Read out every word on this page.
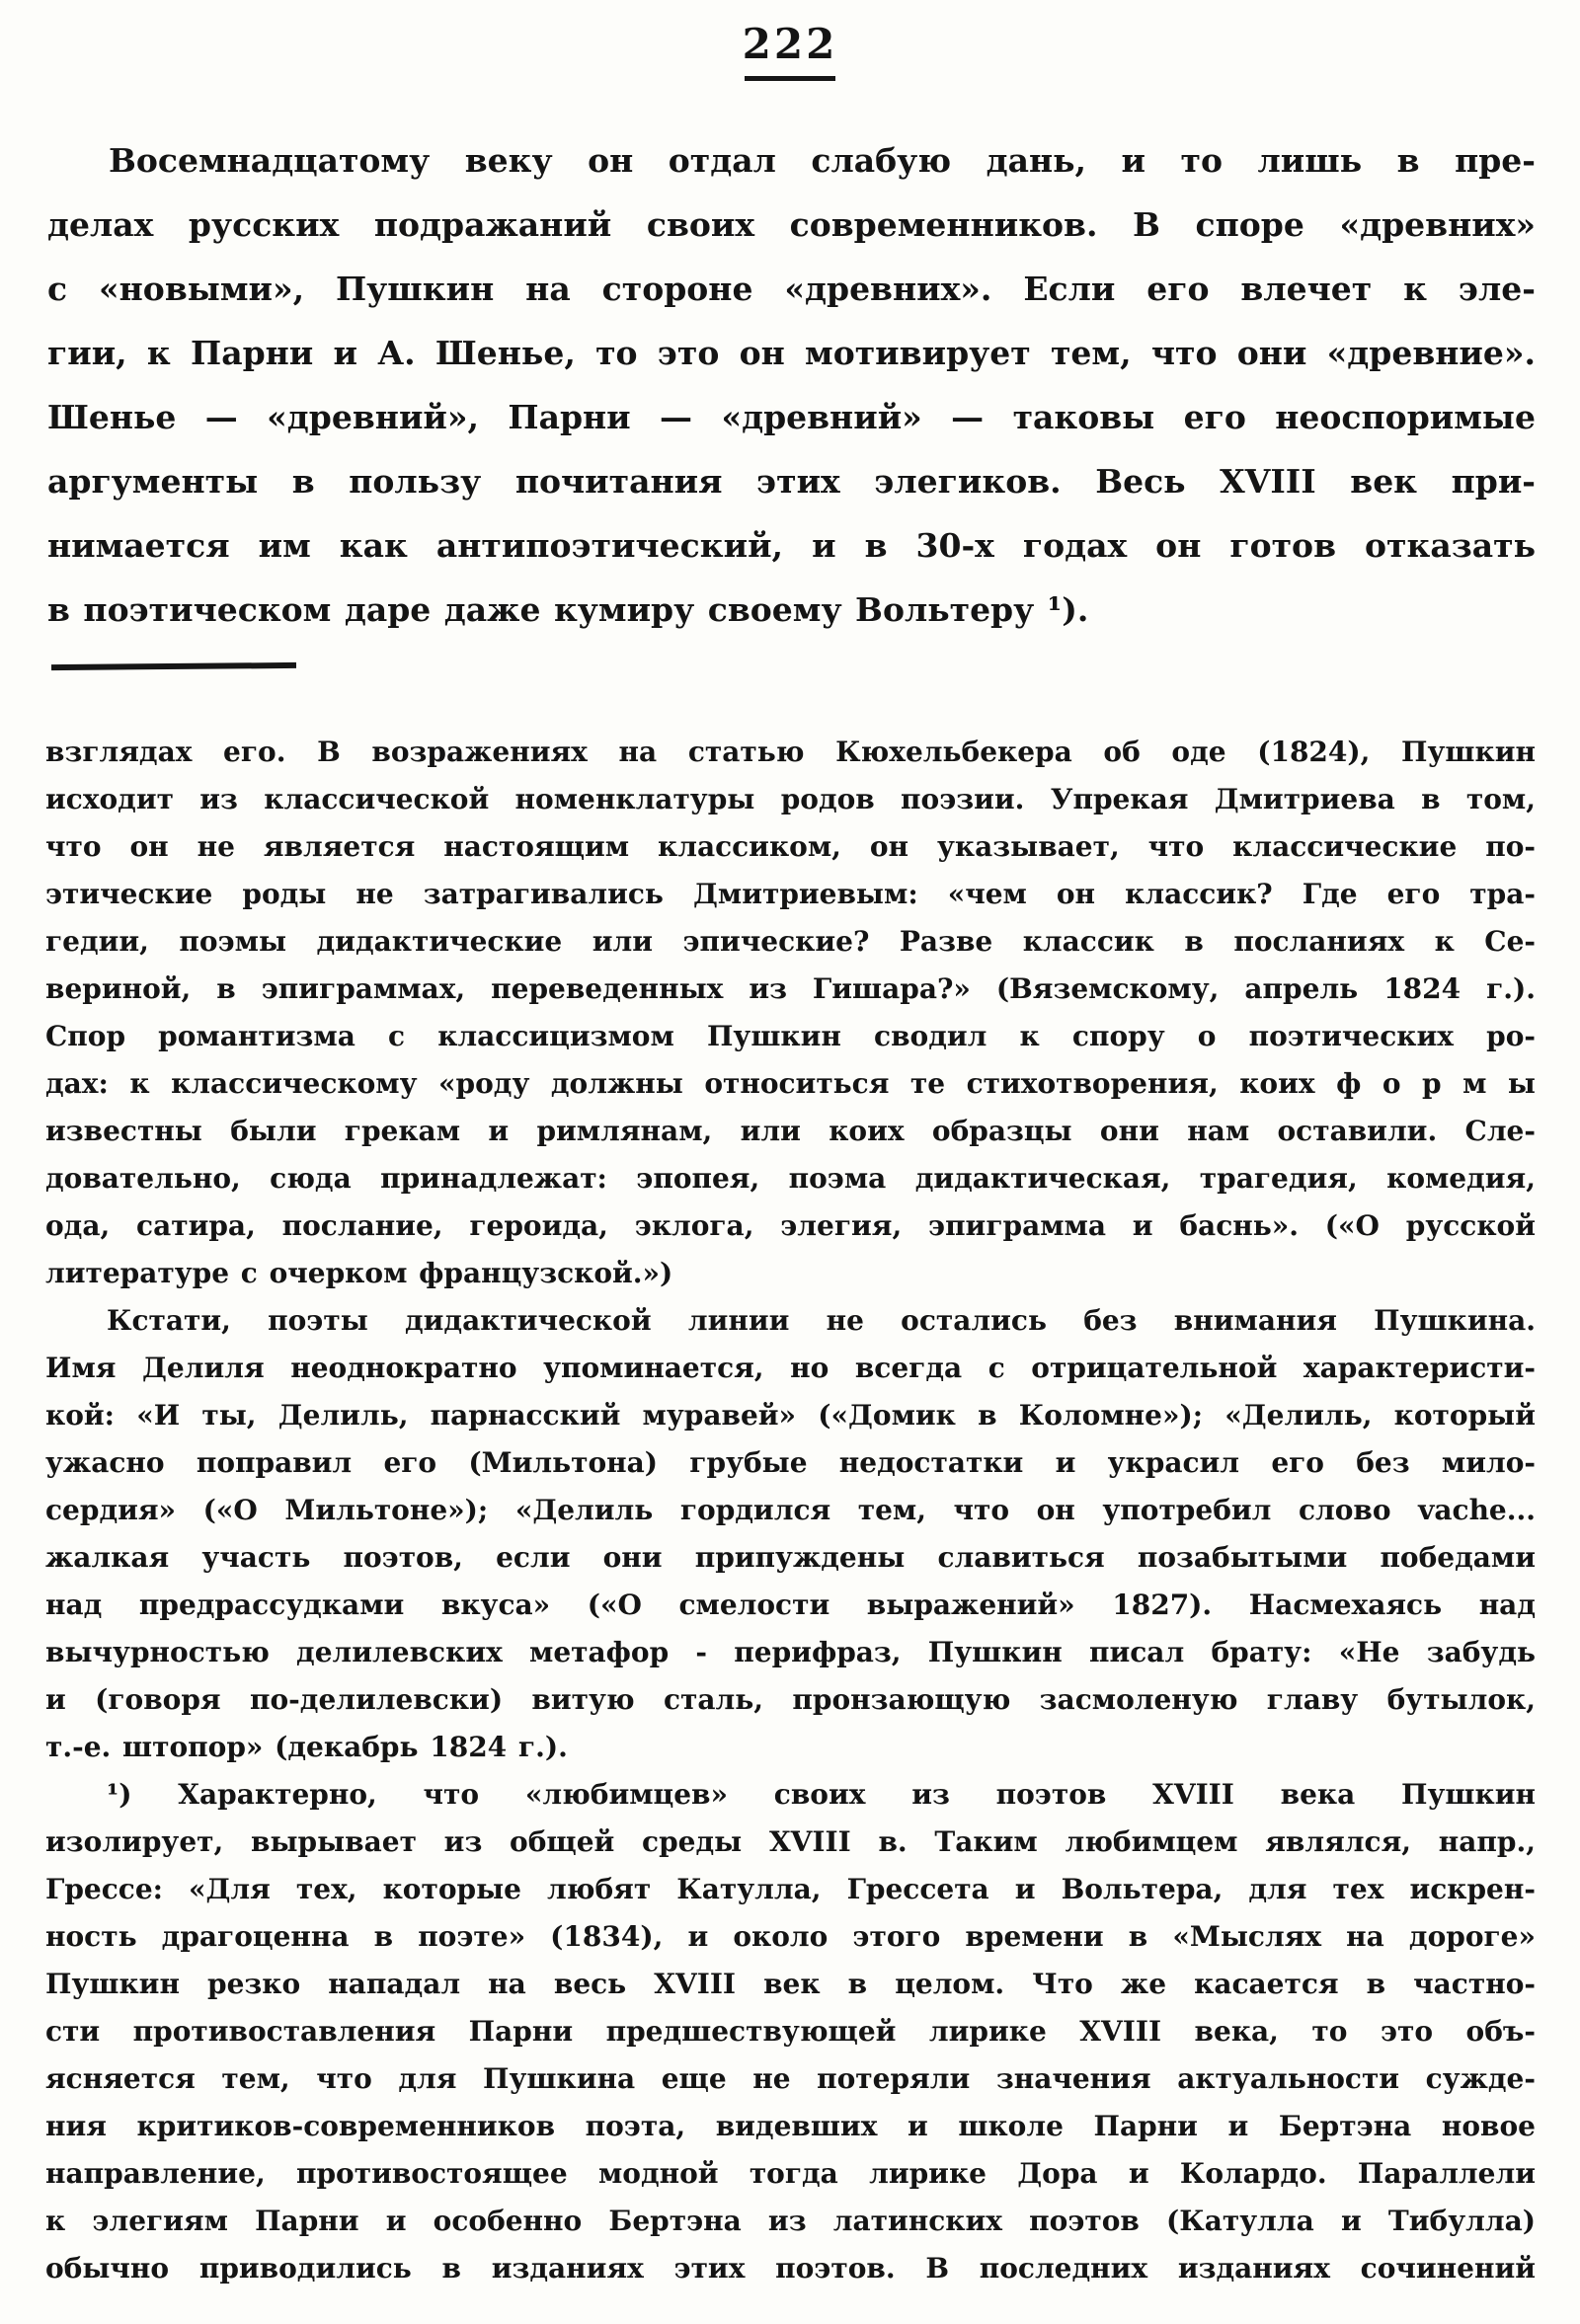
222
Восемнадцатому веку он отдал слабую дань, и то лишь в пре-
делах русских подражаний своих современников. В споре «древних»
с «новыми», Пушкин на стороне «древних». Если его влечет к эле-
гии, к Парни и А. Шенье, то это он мотивирует тем, что они «древние».
Шенье — «древний», Парни — «древний» — таковы его неоспоримые
аргументы в пользу почитания этих элегиков. Весь XVIII век при-
нимается им как антипоэтический, и в 30-х годах он готов отказать
в поэтическом даре даже кумиру своему Вольтеру ¹).
взглядах его. В возражениях на статью Кюхельбекера об оде (1824), Пушкин
исходит из классической номенклатуры родов поэзии. Упрекая Дмитриева в том,
что он не является настоящим классиком, он указывает, что классические по-
этические роды не затрагивались Дмитриевым: «чем он классик? Где его тра-
гедии, поэмы дидактические или эпические? Разве классик в посланиях к Се-
вериной, в эпиграммах, переведенных из Гишара?» (Вяземскому, апрель 1824 г.).
Спор романтизма с классицизмом Пушкин сводил к спору о поэтических ро-
дах: к классическому «роду должны относиться те стихотворения, коих ф о р м ы
известны были грекам и римлянам, или коих образцы они нам оставили. Сле-
довательно, сюда принадлежат: эпопея, поэма дидактическая, трагедия, комедия,
ода, сатира, послание, героида, эклога, элегия, эпиграмма и баснь». («О русской
литературе с очерком французской.»)
Кстати, поэты дидактической линии не остались без внимания Пушкина.
Имя Делиля неоднократно упоминается, но всегда с отрицательной характеристи-
кой: «И ты, Делиль, парнасский муравей» («Домик в Коломне»); «Делиль, который
ужасно поправил его (Мильтона) грубые недостатки и украсил его без мило-
сердия» («О Мильтоне»); «Делиль гордился тем, что он употребил слово vache...
жалкая участь поэтов, если они припуждены славиться позабытыми победами
над предрассудками вкуса» («О смелости выражений» 1827). Насмехаясь над
вычурностью делилевских метафор - перифраз, Пушкин писал брату: «Не забудь
и (говоря по-делилевски) витую сталь, пронзающую засмоленую главу бутылок,
т.-е. штопор» (декабрь 1824 г.).
¹) Характерно, что «любимцев» своих из поэтов XVIII века Пушкин
изолирует, вырывает из общей среды XVIII в. Таким любимцем являлся, напр.,
Грессе: «Для тех, которые любят Катулла, Грессета и Вольтера, для тех искрен-
ность драгоценна в поэте» (1834), и около этого времени в «Мыслях на дороге»
Пушкин резко нападал на весь XVIII век в целом. Что же касается в частно-
сти противоставления Парни предшествующей лирике XVIII века, то это объ-
ясняется тем, что для Пушкина еще не потеряли значения актуальности сужде-
ния критиков-современников поэта, видевших и школе Парни и Бертэна новое
направление, противостоящее модной тогда лирике Дора и Колардо. Параллели
к элегиям Парни и особенно Бертэна из латинских поэтов (Катулла и Тибулла)
обычно приводились в изданиях этих поэтов. В последних изданиях сочинений
